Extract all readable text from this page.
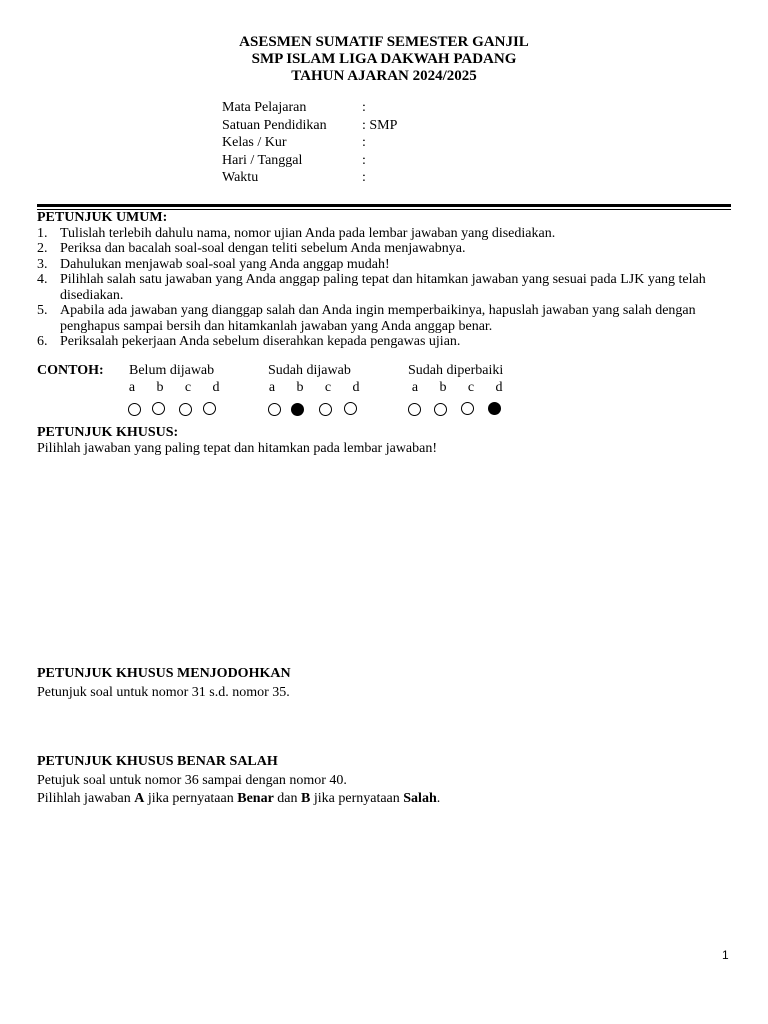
ASESMEN SUMATIF SEMESTER GANJIL
SMP ISLAM LIGA DAKWAH PADANG
TAHUN AJARAN 2024/2025
Mata Pelajaran	:
Satuan Pendidikan	: SMP
Kelas / Kur	:
Hari / Tanggal	:
Waktu	:
PETUNJUK UMUM:
1. Tulislah terlebih dahulu nama, nomor ujian Anda pada lembar jawaban yang disediakan.
2. Periksa dan bacalah soal-soal dengan teliti sebelum Anda menjawabnya.
3. Dahulukan menjawab soal-soal yang Anda anggap mudah!
4. Pilihlah salah satu jawaban yang Anda anggap paling tepat dan hitamkan jawaban yang sesuai pada LJK yang telah disediakan.
5. Apabila ada jawaban yang dianggap salah dan Anda ingin memperbaikinya, hapuslah jawaban yang salah dengan penghapus sampai bersih dan hitamkanlah jawaban yang Anda anggap benar.
6. Periksalah pekerjaan Anda sebelum diserahkan kepada pengawas ujian.
CONTOH: Belum dijawab
a b c d
Sudah dijawab
a b c d
Sudah diperbaiki
a b c d
PETUNJUK KHUSUS:
Pilihlah jawaban yang paling tepat dan hitamkan pada lembar jawaban!
PETUNJUK KHUSUS MENJODOHKAN
Petunjuk soal untuk nomor 31 s.d. nomor 35.
PETUNJUK KHUSUS BENAR SALAH
Petujuk soal untuk nomor 36 sampai dengan nomor 40.
Pilihlah jawaban A jika pernyataan Benar dan B jika pernyataan Salah.
1
